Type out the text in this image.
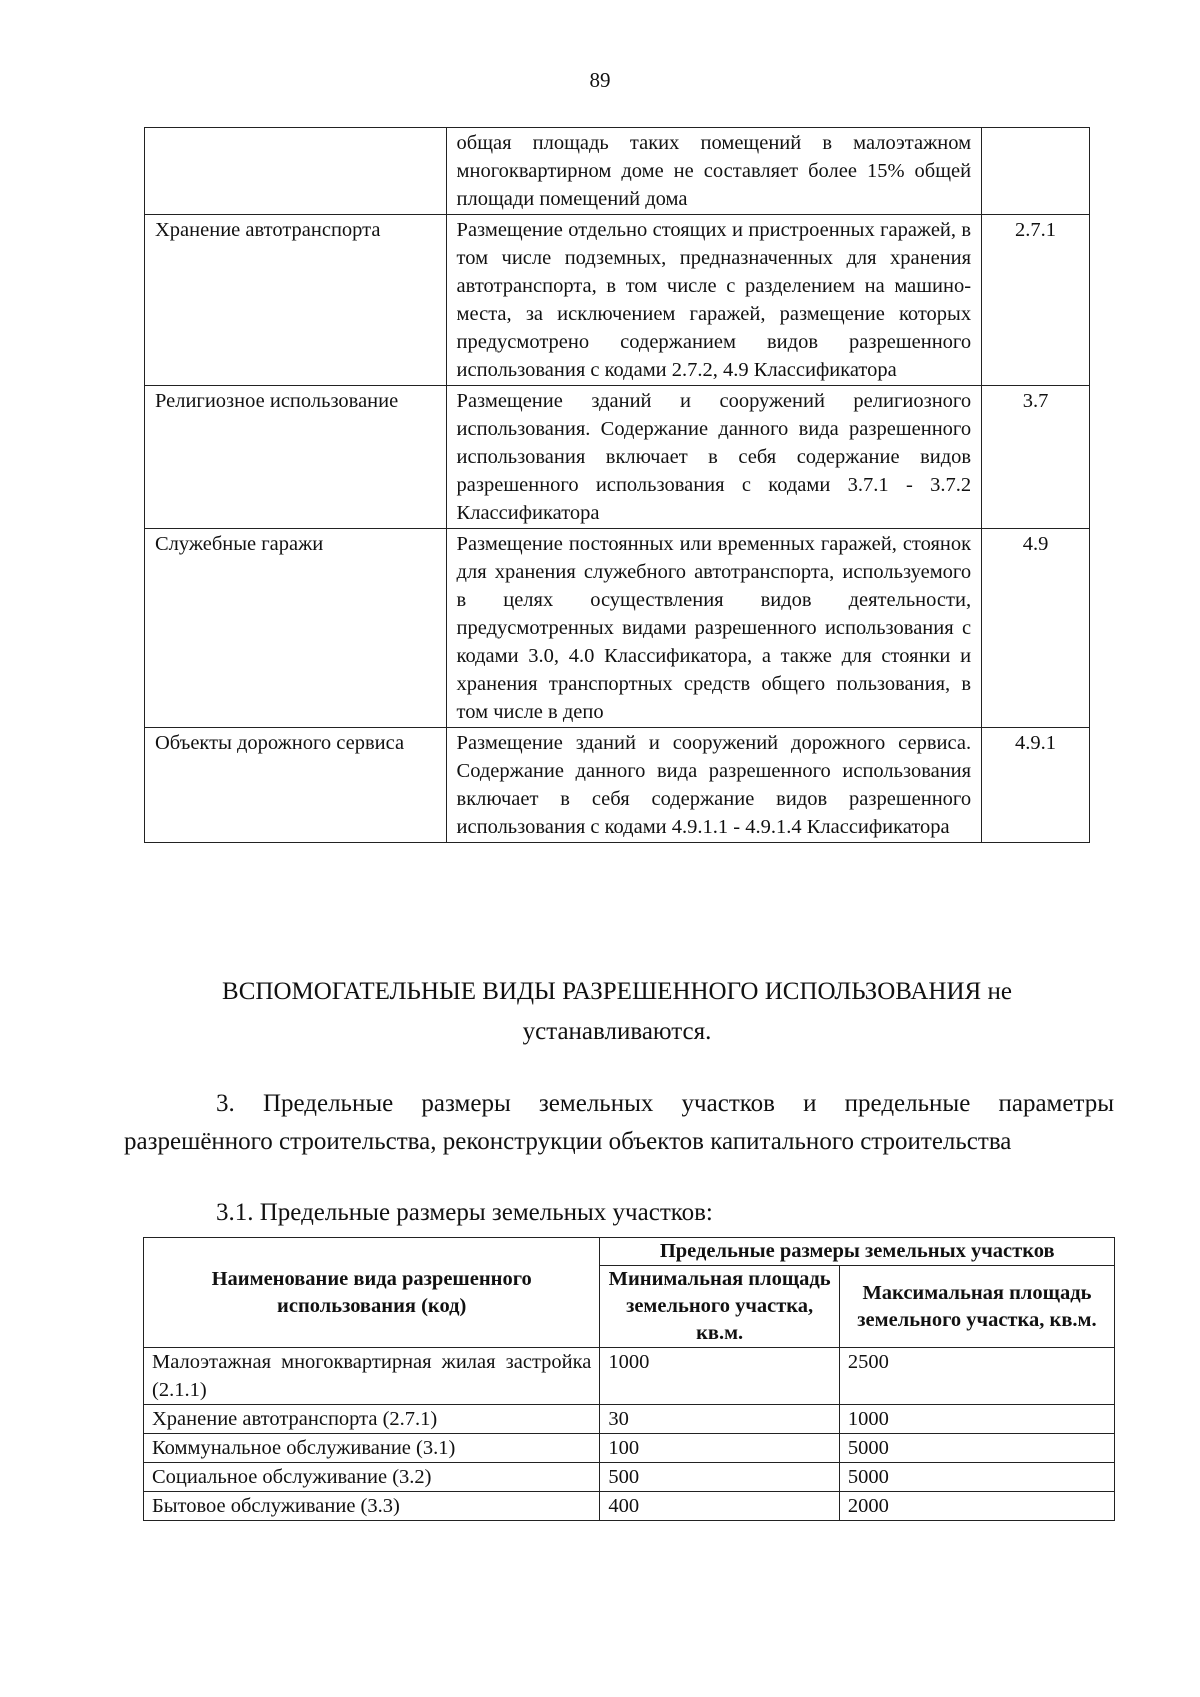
89
	общая площадь таких помещений в малоэтажном многоквартирном доме не составляет более 15% общей площади помещений дома	
Хранение автотранспорта	Размещение отдельно стоящих и пристроенных гаражей, в том числе подземных, предназначенных для хранения автотранспорта, в том числе с разделением на машино-места, за исключением гаражей, размещение которых предусмотрено содержанием видов разрешенного использования с кодами 2.7.2, 4.9 Классификатора	2.7.1
Религиозное использование	Размещение зданий и сооружений религиозного использования. Содержание данного вида разрешенного использования включает в себя содержание видов разрешенного использования с кодами 3.7.1 - 3.7.2 Классификатора	3.7
Служебные гаражи	Размещение постоянных или временных гаражей, стоянок для хранения служебного автотранспорта, используемого в целях осуществления видов деятельности, предусмотренных видами разрешенного использования с кодами 3.0, 4.0 Классификатора, а также для стоянки и хранения транспортных средств общего пользования, в том числе в депо	4.9
Объекты дорожного сервиса	Размещение зданий и сооружений дорожного сервиса. Содержание данного вида разрешенного использования включает в себя содержание видов разрешенного использования с кодами 4.9.1.1 - 4.9.1.4 Классификатора	4.9.1
ВСПОМОГАТЕЛЬНЫЕ ВИДЫ РАЗРЕШЕННОГО ИСПОЛЬЗОВАНИЯ не устанавливаются.
3. Предельные размеры земельных участков и предельные параметры разрешённого строительства, реконструкции объектов капитального строительства
3.1. Предельные размеры земельных участков:
Наименование вида разрешенного использования (код)	Предельные размеры земельных участков	
	Минимальная площадь земельного участка, кв.м.	Максимальная площадь земельного участка, кв.м.
Малоэтажная многоквартирная жилая застройка (2.1.1)	1000	2500
Хранение автотранспорта (2.7.1)	30	1000
Коммунальное обслуживание (3.1)	100	5000
Социальное обслуживание (3.2)	500	5000
Бытовое обслуживание (3.3)	400	2000
